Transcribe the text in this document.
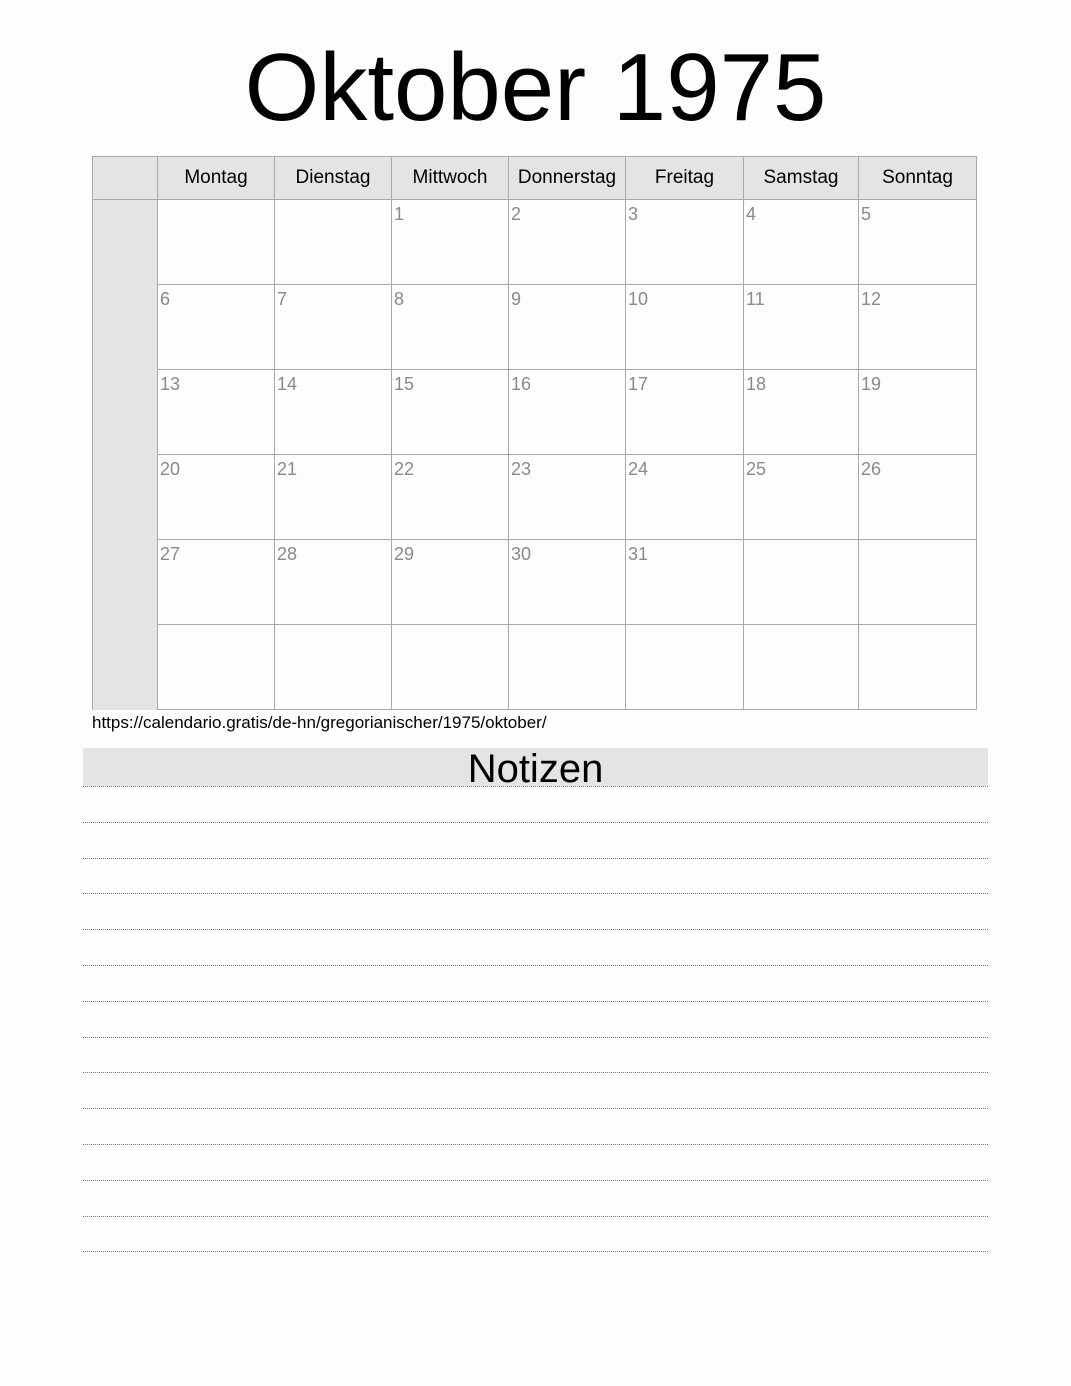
Oktober 1975
	Montag	Dienstag	Mittwoch	Donnerstag	Freitag	Samstag	Sonntag

			1	2	3	4	5

	6	7	8	9	10	11	12

	13	14	15	16	17	18	19

	20	21	22	23	24	25	26

	27	28	29	30	31		

https://calendario.gratis/de-hn/gregorianischer/1975/oktober/
Notizen
